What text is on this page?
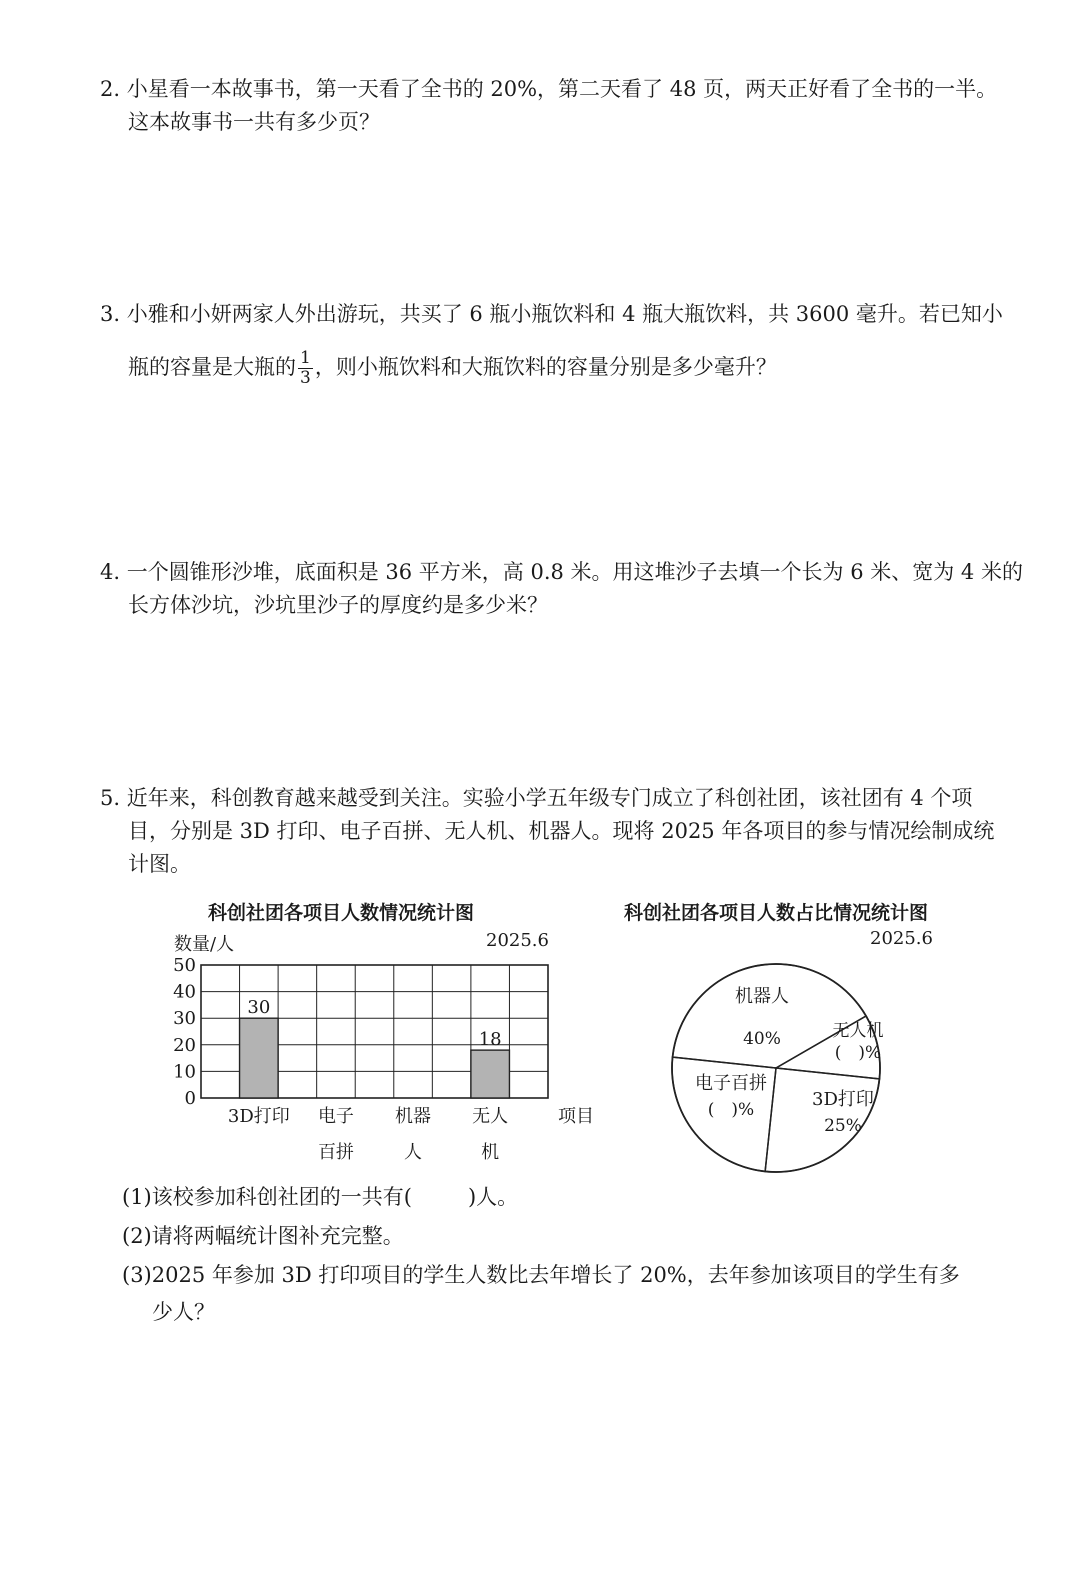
2. 小星看一本故事书，第一天看了全书的 20%，第二天看了 48 页，两天正好看了全书的一半。
这本故事书一共有多少页？
3. 小雅和小妍两家人外出游玩，共买了 6 瓶小瓶饮料和 4 瓶大瓶饮料，共 3600 毫升。若已知小
瓶的容量是大瓶的 $\frac{1}{3}$ ，则小瓶饮料和大瓶饮料的容量分别是多少毫升？
4. 一个圆锥形沙堆，底面积是 36 平方米，高 0.8 米。用这堆沙子去填一个长为 6 米、宽为 4 米的
长方体沙坑，沙坑里沙子的厚度约是多少米？
5. 近年来，科创教育越来越受到关注。实验小学五年级专门成立了科创社团，该社团有 4 个项
目，分别是 3D 打印、电子百拼、无人机、机器人。现将 2025 年各项目的参与情况绘制成统
计图。
科创社团各项目人数情况统计图
数量/人	2025.6
0
10
20
30
40
50
30
3D打印 电子
百拼
机器
人
18
无人
机
项目
科创社团各项目人数占比情况统计图
2025.6
机器人
40%	无人机
(　)%
3D打印
25%
电子百拼
(　)%
(1)该校参加科创社团的一共有(	)人。
(2)请将两幅统计图补充完整。
(3)2025 年参加 3D 打印项目的学生人数比去年增长了 20%，去年参加该项目的学生有多
少人？
